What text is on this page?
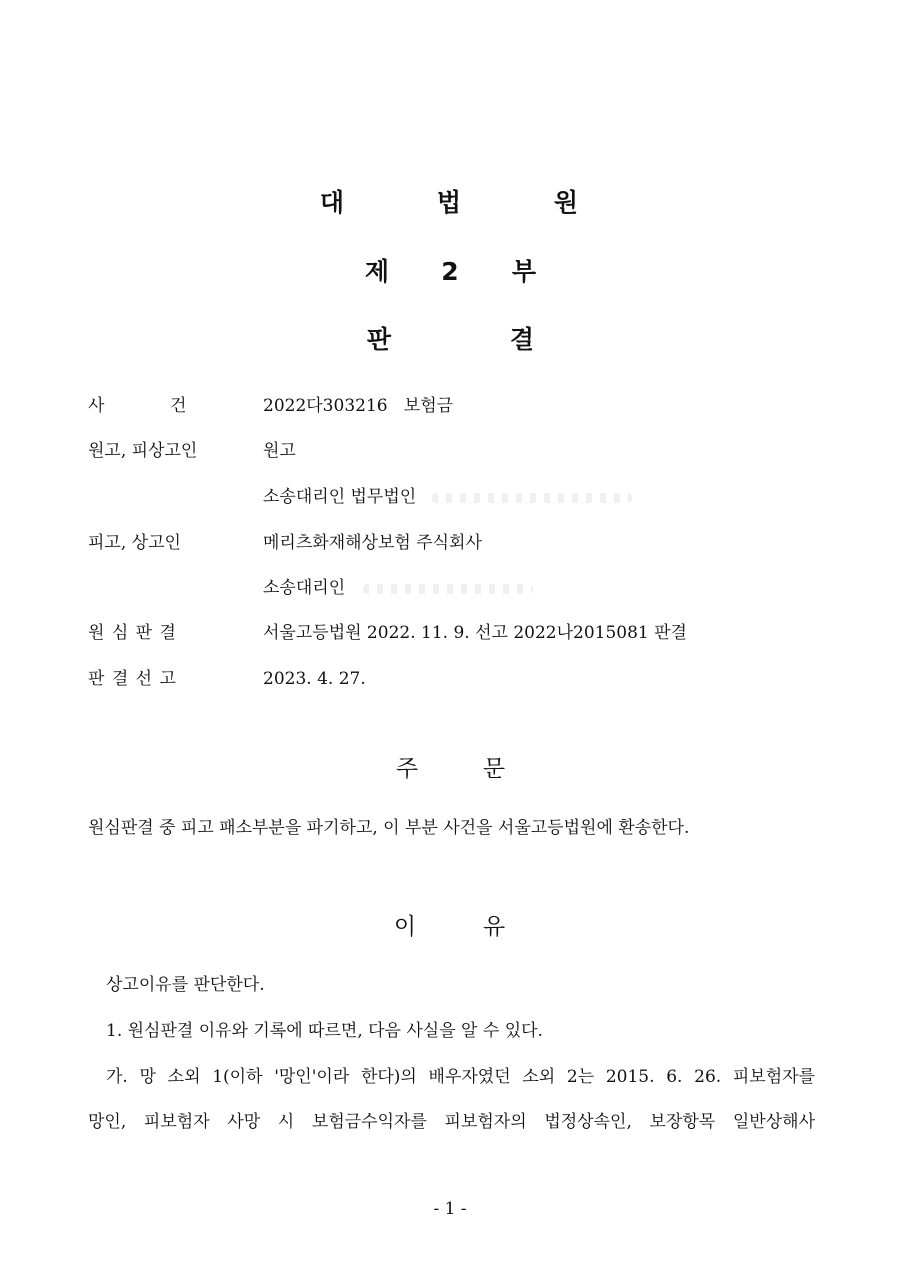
대	법	원
제 2 부
판	결
사	건	2022다303216   보험금
원고, 피상고인	원고
소송대리인 법무법인
피고, 상고인	메리츠화재해상보험 주식회사
소송대리인
원 심 판 결	서울고등법원 2022. 11. 9. 선고 2022나2015081 판결
판 결 선 고	2023. 4. 27.
주	문
원심판결 중 피고 패소부분을 파기하고, 이 부분 사건을 서울고등법원에 환송한다.
이	유
상고이유를 판단한다.
1. 원심판결 이유와 기록에 따르면, 다음 사실을 알 수 있다.
가. 망 소외 1(이하 '망인'이라 한다)의 배우자였던 소외 2는 2015. 6. 26. 피보험자를
망인, 피보험자 사망 시 보험금수익자를 피보험자의 법정상속인, 보장항목 일반상해사
- 1 -
